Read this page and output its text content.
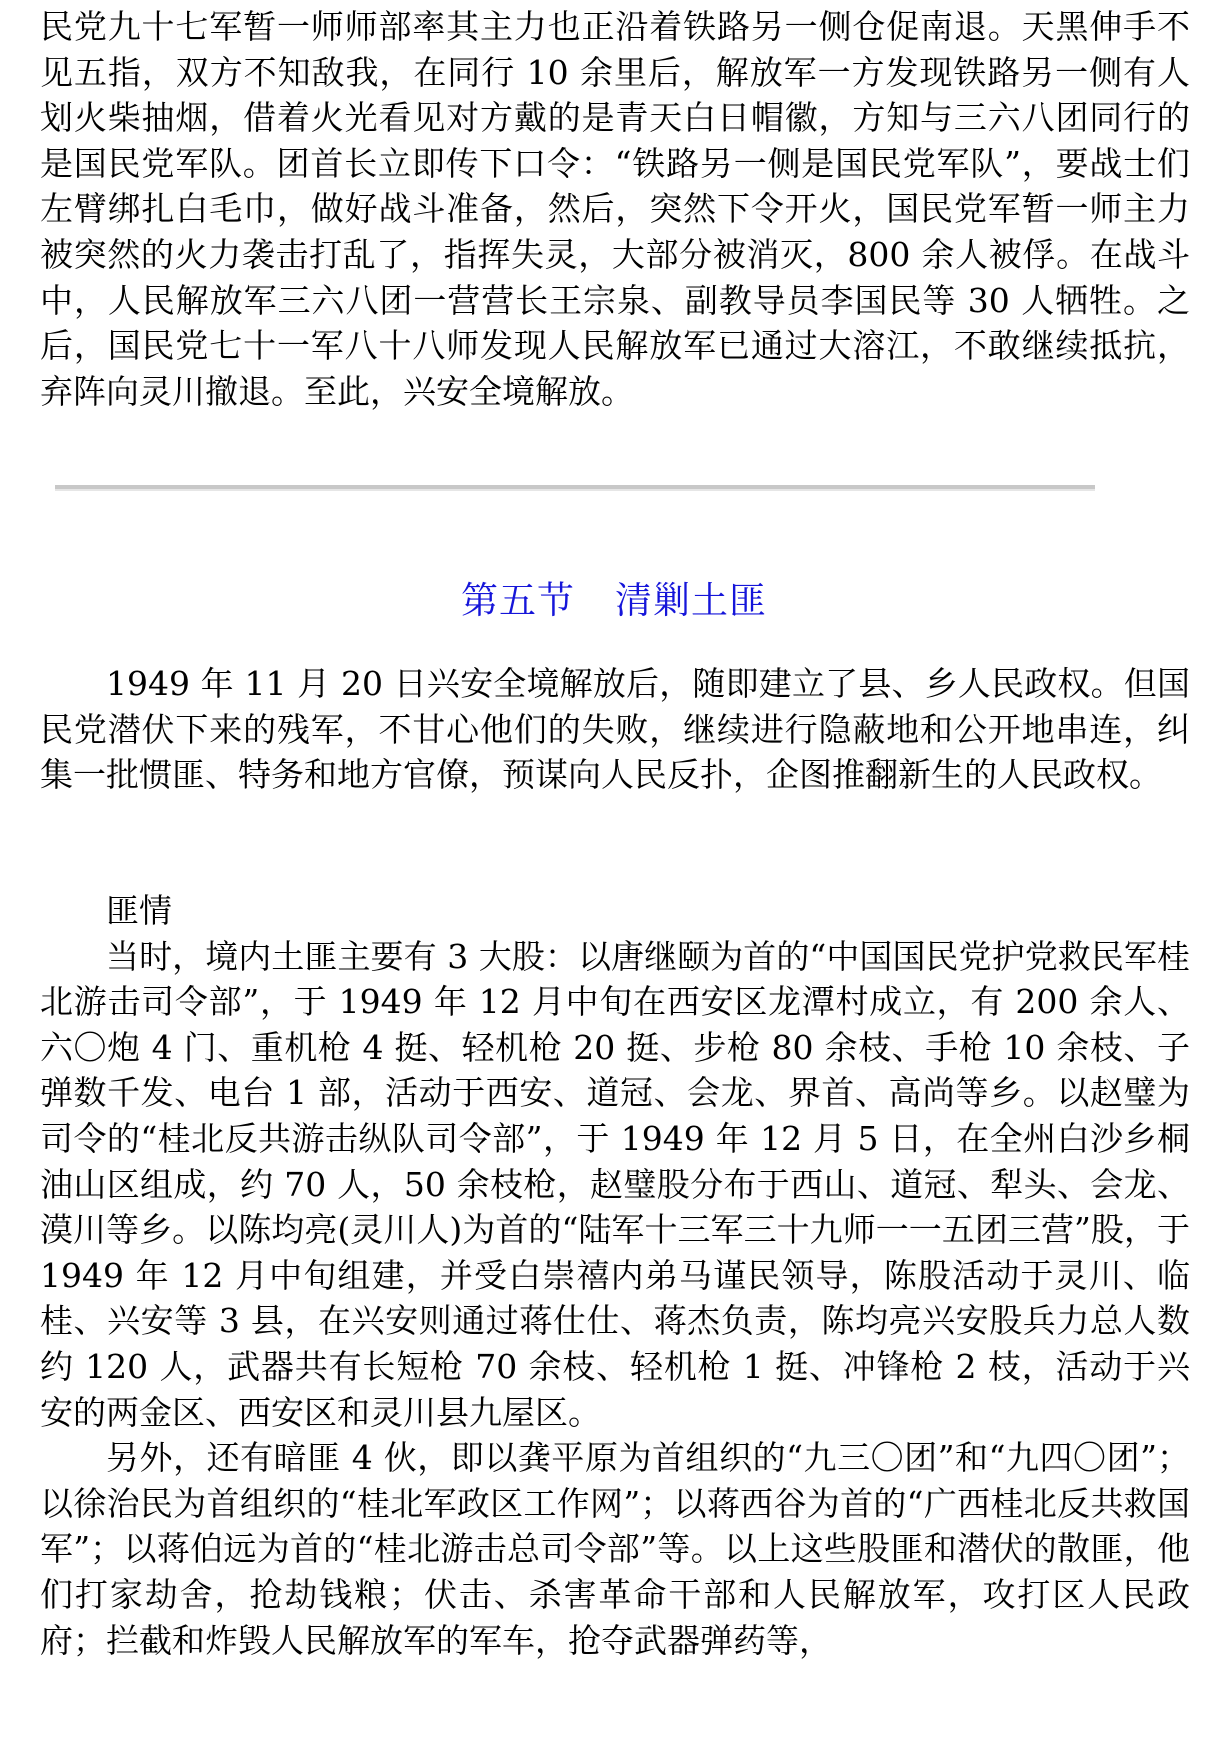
民党九十七军暂一师师部率其主力也正沿着铁路另一侧仓促南退。天黑伸手不见五指，双方不知敌我，在同行 10 余里后，解放军一方发现铁路另一侧有人划火柴抽烟，借着火光看见对方戴的是青天白日帽徽，方知与三六八团同行的是国民党军队。团首长立即传下口令：“铁路另一侧是国民党军队”，要战士们左臂绑扎白毛巾，做好战斗准备，然后，突然下令开火，国民党军暂一师主力被突然的火力袭击打乱了，指挥失灵，大部分被消灭，800 余人被俘。在战斗中，人民解放军三六八团一营营长王宗泉、副教导员李国民等 30 人牺牲。之后，国民党七十一军八十八师发现人民解放军已通过大溶江，不敢继续抵抗，弃阵向灵川撤退。至此，兴安全境解放。

第五节 清剿土匪

1949 年 11 月 20 日兴安全境解放后，随即建立了县、乡人民政权。但国民党潜伏下来的残军，不甘心他们的失败，继续进行隐蔽地和公开地串连，纠集一批惯匪、特务和地方官僚，预谋向人民反扑，企图推翻新生的人民政权。

匪情

当时，境内土匪主要有 3 大股：以唐继颐为首的“中国国民党护党救民军桂北游击司令部”，于 1949 年 12 月中旬在西安区龙潭村成立，有 200 余人、六〇炮 4 门、重机枪 4 挺、轻机枪 20 挺、步枪 80 余枝、手枪 10 余枝、子弹数千发、电台 1 部，活动于西安、道冠、会龙、界首、高尚等乡。以赵璧为司令的“桂北反共游击纵队司令部”，于 1949 年 12 月 5 日，在全州白沙乡桐油山区组成，约 70 人，50 余枝枪，赵璧股分布于西山、道冠、犁头、会龙、漠川等乡。以陈均亮(灵川人)为首的“陆军十三军三十九师一一五团三营”股，于 1949 年 12 月中旬组建，并受白崇禧内弟马谨民领导，陈股活动于灵川、临桂、兴安等 3 县，在兴安则通过蒋仕仕、蒋杰负责，陈均亮兴安股兵力总人数约 120 人，武器共有长短枪 70 余枝、轻机枪 1 挺、冲锋枪 2 枝，活动于兴安的两金区、西安区和灵川县九屋区。

另外，还有暗匪 4 伙，即以龚平原为首组织的“九三〇团”和“九四〇团”；以徐治民为首组织的“桂北军政区工作网”；以蒋西谷为首的“广西桂北反共救国军”；以蒋伯远为首的“桂北游击总司令部”等。以上这些股匪和潜伏的散匪，他们打家劫舍，抢劫钱粮；伏击、杀害革命干部和人民解放军，攻打区人民政府；拦截和炸毁人民解放军的军车，抢夺武器弹药等，
